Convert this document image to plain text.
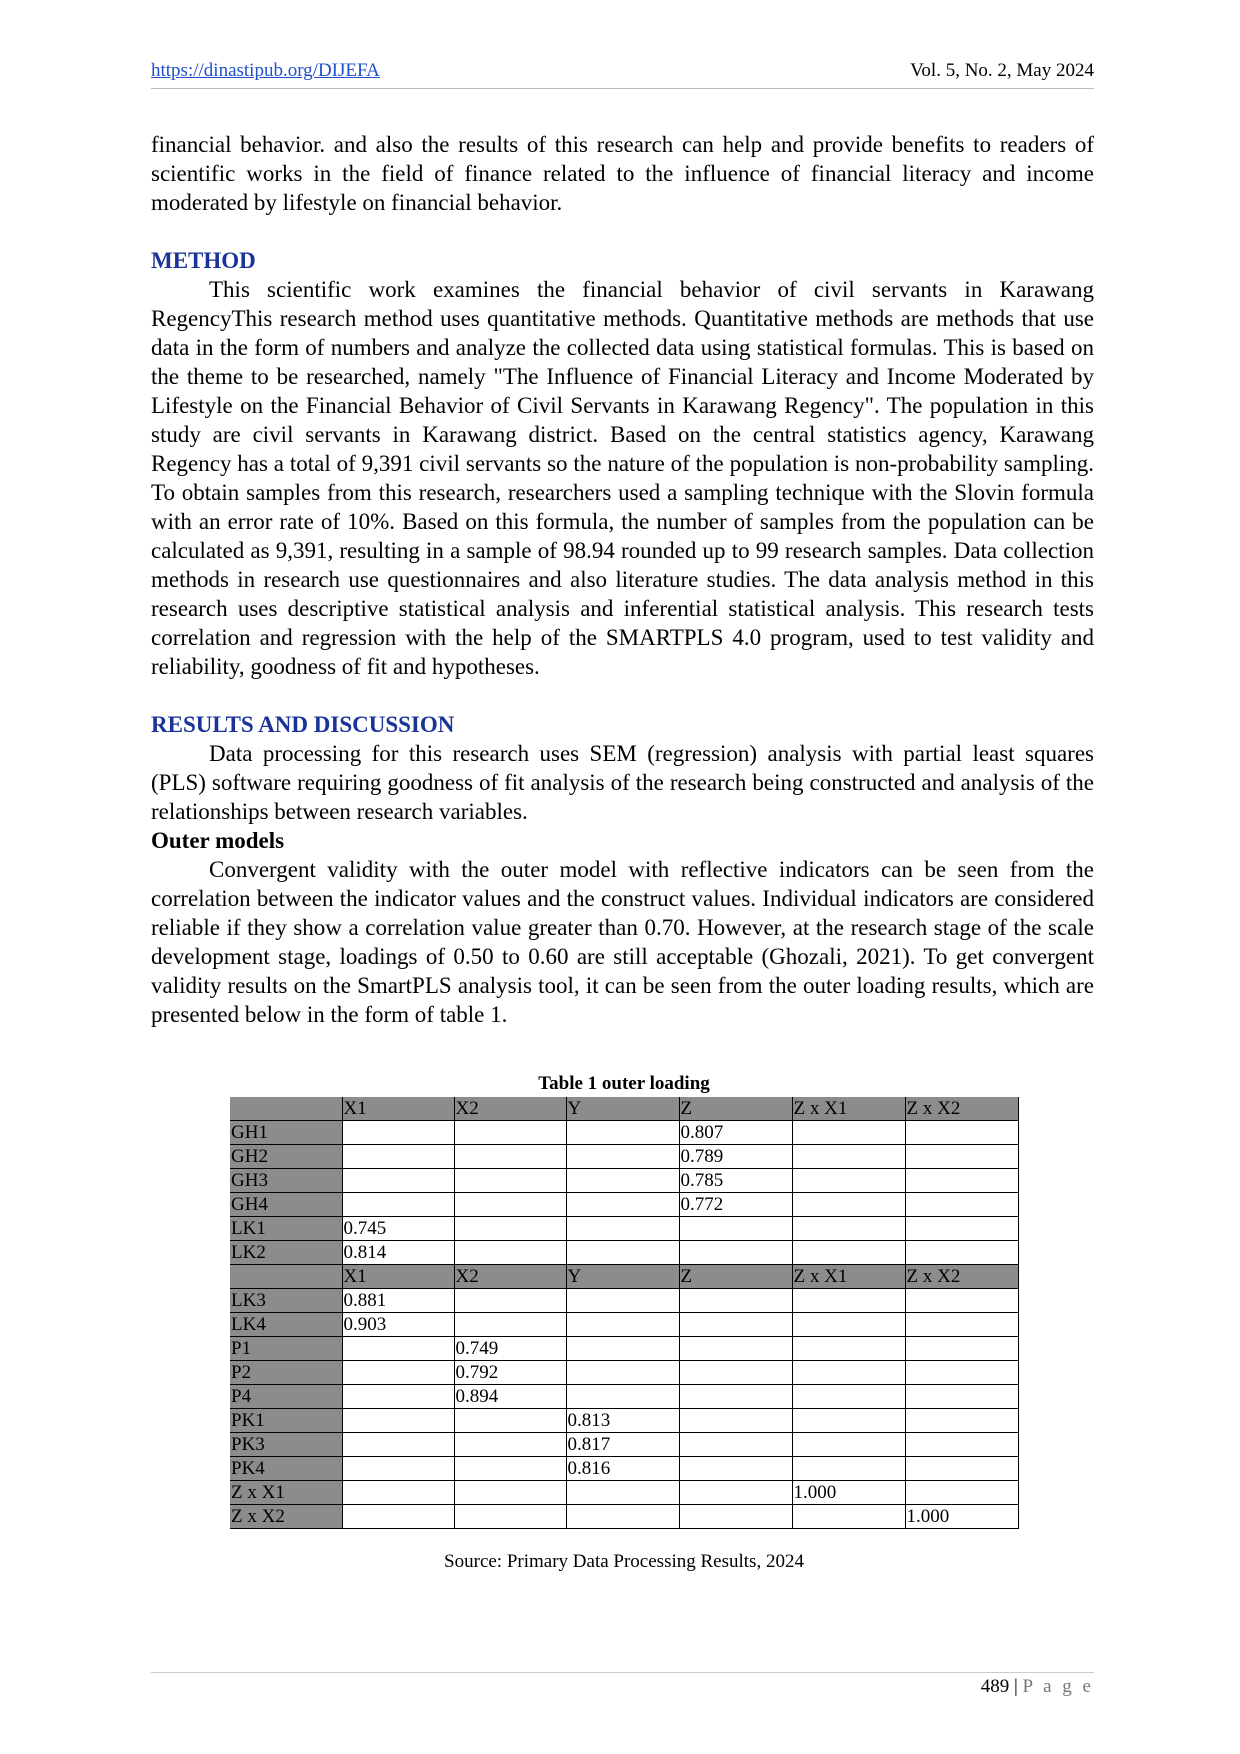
https://dinastipub.org/DIJEFA	Vol. 5, No. 2, May 2024

financial behavior. and also the results of this research can help and provide benefits to readers of scientific works in the field of finance related to the influence of financial literacy and income moderated by lifestyle on financial behavior.

METHOD

This scientific work examines the financial behavior of civil servants in Karawang RegencyThis research method uses quantitative methods. Quantitative methods are methods that use data in the form of numbers and analyze the collected data using statistical formulas. This is based on the theme to be researched, namely "The Influence of Financial Literacy and Income Moderated by Lifestyle on the Financial Behavior of Civil Servants in Karawang Regency". The population in this study are civil servants in Karawang district. Based on the central statistics agency, Karawang Regency has a total of 9,391 civil servants so the nature of the population is non-probability sampling. To obtain samples from this research, researchers used a sampling technique with the Slovin formula with an error rate of 10%. Based on this formula, the number of samples from the population can be calculated as 9,391, resulting in a sample of 98.94 rounded up to 99 research samples. Data collection methods in research use questionnaires and also literature studies. The data analysis method in this research uses descriptive statistical analysis and inferential statistical analysis. This research tests correlation and regression with the help of the SMARTPLS 4.0 program, used to test validity and reliability, goodness of fit and hypotheses.

RESULTS AND DISCUSSION

Data processing for this research uses SEM (regression) analysis with partial least squares (PLS) software requiring goodness of fit analysis of the research being constructed and analysis of the relationships between research variables.

Outer models

Convergent validity with the outer model with reflective indicators can be seen from the correlation between the indicator values and the construct values. Individual indicators are considered reliable if they show a correlation value greater than 0.70. However, at the research stage of the scale development stage, loadings of 0.50 to 0.60 are still acceptable (Ghozali, 2021). To get convergent validity results on the SmartPLS analysis tool, it can be seen from the outer loading results, which are presented below in the form of table 1.

Table 1 outer loading
	X1	X2	Y	Z	Z x X1	Z x X2
GH1				0.807		
GH2				0.789		
GH3				0.785		
GH4				0.772		
LK1	0.745					
LK2	0.814					
	X1	X2	Y	Z	Z x X1	Z x X2
LK3	0.881					
LK4	0.903					
P1		0.749				
P2		0.792				
P4		0.894				
PK1			0.813			
PK3			0.817			
PK4			0.816			
Z x X1					1.000	
Z x X2						1.000
Source: Primary Data Processing Results, 2024
489 | P a g e
